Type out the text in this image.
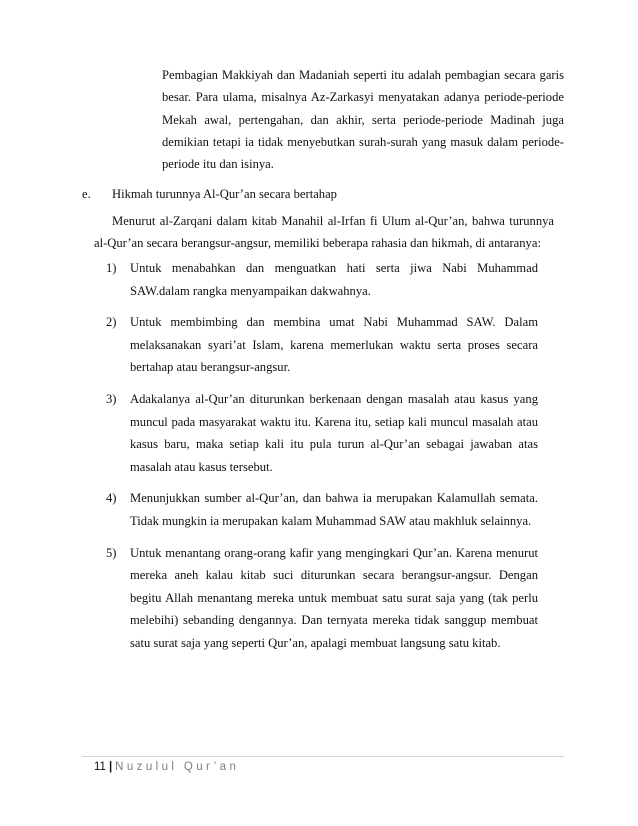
Pembagian Makkiyah dan Madaniah seperti itu adalah pembagian secara garis besar. Para ulama, misalnya Az-Zarkasyi menyatakan adanya periode-periode Mekah awal, pertengahan, dan akhir, serta periode-periode Madinah juga demikian tetapi ia tidak menyebutkan surah-surah yang masuk dalam periode-periode itu dan isinya.

e. Hikmah turunnya Al-Qur’an secara bertahap

Menurut al-Zarqani dalam kitab Manahil al-Irfan fi Ulum al-Qur’an, bahwa turunnya al-Qur’an secara berangsur-angsur, memiliki beberapa rahasia dan hikmah, di antaranya:

1) Untuk menabahkan dan menguatkan hati serta jiwa Nabi Muhammad SAW.dalam rangka menyampaikan dakwahnya.
2) Untuk membimbing dan membina umat Nabi Muhammad SAW. Dalam melaksanakan syari’at Islam, karena memerlukan waktu serta proses secara bertahap atau berangsur-angsur.
3) Adakalanya al-Qur’an diturunkan berkenaan dengan masalah atau kasus yang muncul pada masyarakat waktu itu. Karena itu, setiap kali muncul masalah atau kasus baru, maka setiap kali itu pula turun al-Qur’an sebagai jawaban atas masalah atau kasus tersebut.
4) Menunjukkan sumber al-Qur’an, dan bahwa ia merupakan Kalamullah semata. Tidak mungkin ia merupakan kalam Muhammad SAW atau makhluk selainnya.
5) Untuk menantang orang-orang kafir yang mengingkari Qur’an. Karena menurut mereka aneh kalau kitab suci diturunkan secara berangsur-angsur. Dengan begitu Allah menantang mereka untuk membuat satu surat saja yang (tak perlu melebihi) sebanding dengannya. Dan ternyata mereka tidak sanggup membuat satu surat saja yang seperti Qur’an, apalagi membuat langsung satu kitab.
11 | Nuzulul Qur’an
